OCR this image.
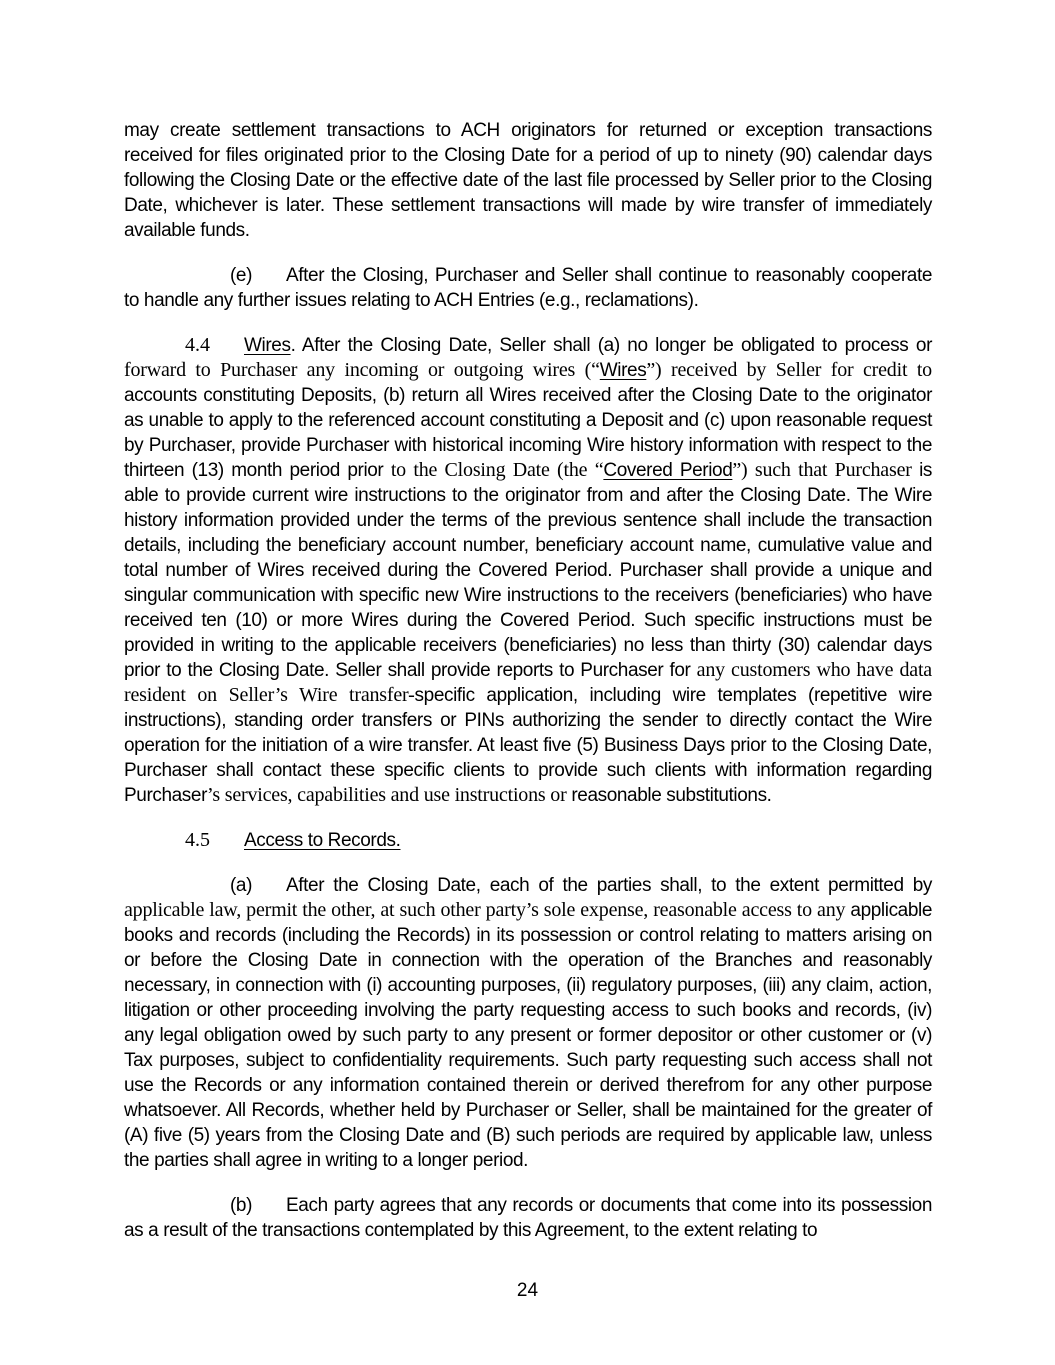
may create settlement transactions to ACH originators for returned or exception transactions received for files originated prior to the Closing Date for a period of up to ninety (90) calendar days following the Closing Date or the effective date of the last file processed by Seller prior to the Closing Date, whichever is later. These settlement transactions will made by wire transfer of immediately available funds.

(e) After the Closing, Purchaser and Seller shall continue to reasonably cooperate to handle any further issues relating to ACH Entries (e.g., reclamations).

4.4 Wires. After the Closing Date, Seller shall (a) no longer be obligated to process or forward to Purchaser any incoming or outgoing wires (“Wires”) received by Seller for credit to accounts constituting Deposits, (b) return all Wires received after the Closing Date to the originator as unable to apply to the referenced account constituting a Deposit and (c) upon reasonable request by Purchaser, provide Purchaser with historical incoming Wire history information with respect to the thirteen (13) month period prior to the Closing Date (the “Covered Period”) such that Purchaser is able to provide current wire instructions to the originator from and after the Closing Date. The Wire history information provided under the terms of the previous sentence shall include the transaction details, including the beneficiary account number, beneficiary account name, cumulative value and total number of Wires received during the Covered Period. Purchaser shall provide a unique and singular communication with specific new Wire instructions to the receivers (beneficiaries) who have received ten (10) or more Wires during the Covered Period. Such specific instructions must be provided in writing to the applicable receivers (beneficiaries) no less than thirty (30) calendar days prior to the Closing Date. Seller shall provide reports to Purchaser for any customers who have data resident on Seller’s Wire transfer-specific application, including wire templates (repetitive wire instructions), standing order transfers or PINs authorizing the sender to directly contact the Wire operation for the initiation of a wire transfer. At least five (5) Business Days prior to the Closing Date, Purchaser shall contact these specific clients to provide such clients with information regarding Purchaser’s services, capabilities and use instructions or reasonable substitutions.

4.5 Access to Records.

(a) After the Closing Date, each of the parties shall, to the extent permitted by applicable law, permit the other, at such other party’s sole expense, reasonable access to any applicable books and records (including the Records) in its possession or control relating to matters arising on or before the Closing Date in connection with the operation of the Branches and reasonably necessary, in connection with (i) accounting purposes, (ii) regulatory purposes, (iii) any claim, action, litigation or other proceeding involving the party requesting access to such books and records, (iv) any legal obligation owed by such party to any present or former depositor or other customer or (v) Tax purposes, subject to confidentiality requirements. Such party requesting such access shall not use the Records or any information contained therein or derived therefrom for any other purpose whatsoever. All Records, whether held by Purchaser or Seller, shall be maintained for the greater of (A) five (5) years from the Closing Date and (B) such periods are required by applicable law, unless the parties shall agree in writing to a longer period.

(b) Each party agrees that any records or documents that come into its possession as a result of the transactions contemplated by this Agreement, to the extent relating to

24
